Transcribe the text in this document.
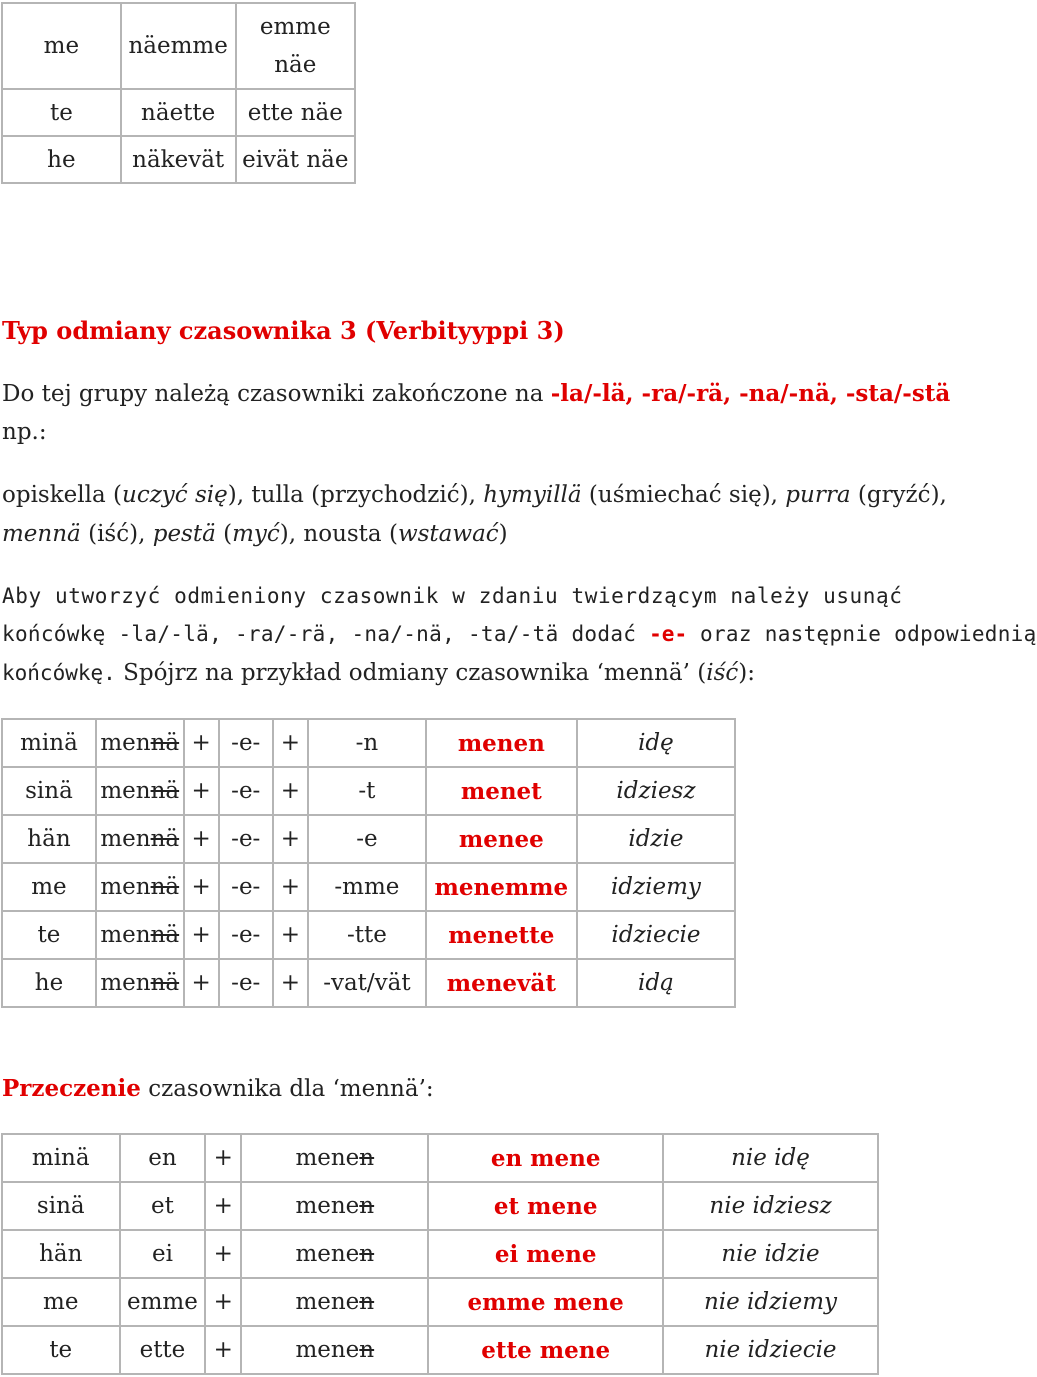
me	näemme	emme näe
te	näette	ette näe
he	näkevät	eivät näe
Typ odmiany czasownika 3 (Verbityyppi 3)
Do tej grupy należą czasowniki zakończone na -la/-lä, -ra/-rä, -na/-nä, -sta/-stä
np.:
opiskella (uczyć się), tulla (przychodzić), hymyillä (uśmiechać się), purra (gryźć),
mennä (iść), pestä (myć), nousta (wstawać)
Aby utworzyć odmieniony czasownik w zdaniu twierdzącym należy usunąć
końcówkę -la/-lä, -ra/-rä, -na/-nä, -ta/-tä dodać -e- oraz następnie odpowiednią
końcówkę. Spójrz na przykład odmiany czasownika ‘mennä’ (iść):
minä	mennä	+	-e-	+	-n	menen	idę
sinä	mennä	+	-e-	+	-t	menet	idziesz
hän	mennä	+	-e-	+	-e	menee	idzie
me	mennä	+	-e-	+	-mme	menemme	idziemy
te	mennä	+	-e-	+	-tte	menette	idziecie
he	mennä	+	-e-	+	-vat/vät	menevät	idą
Przeczenie czasownika dla ‘mennä’:
minä	en	+	menen	en mene	nie idę
sinä	et	+	menen	et mene	nie idziesz
hän	ei	+	menen	ei mene	nie idzie
me	emme	+	menen	emme mene	nie idziemy
te	ette	+	menen	ette mene	nie idziecie
